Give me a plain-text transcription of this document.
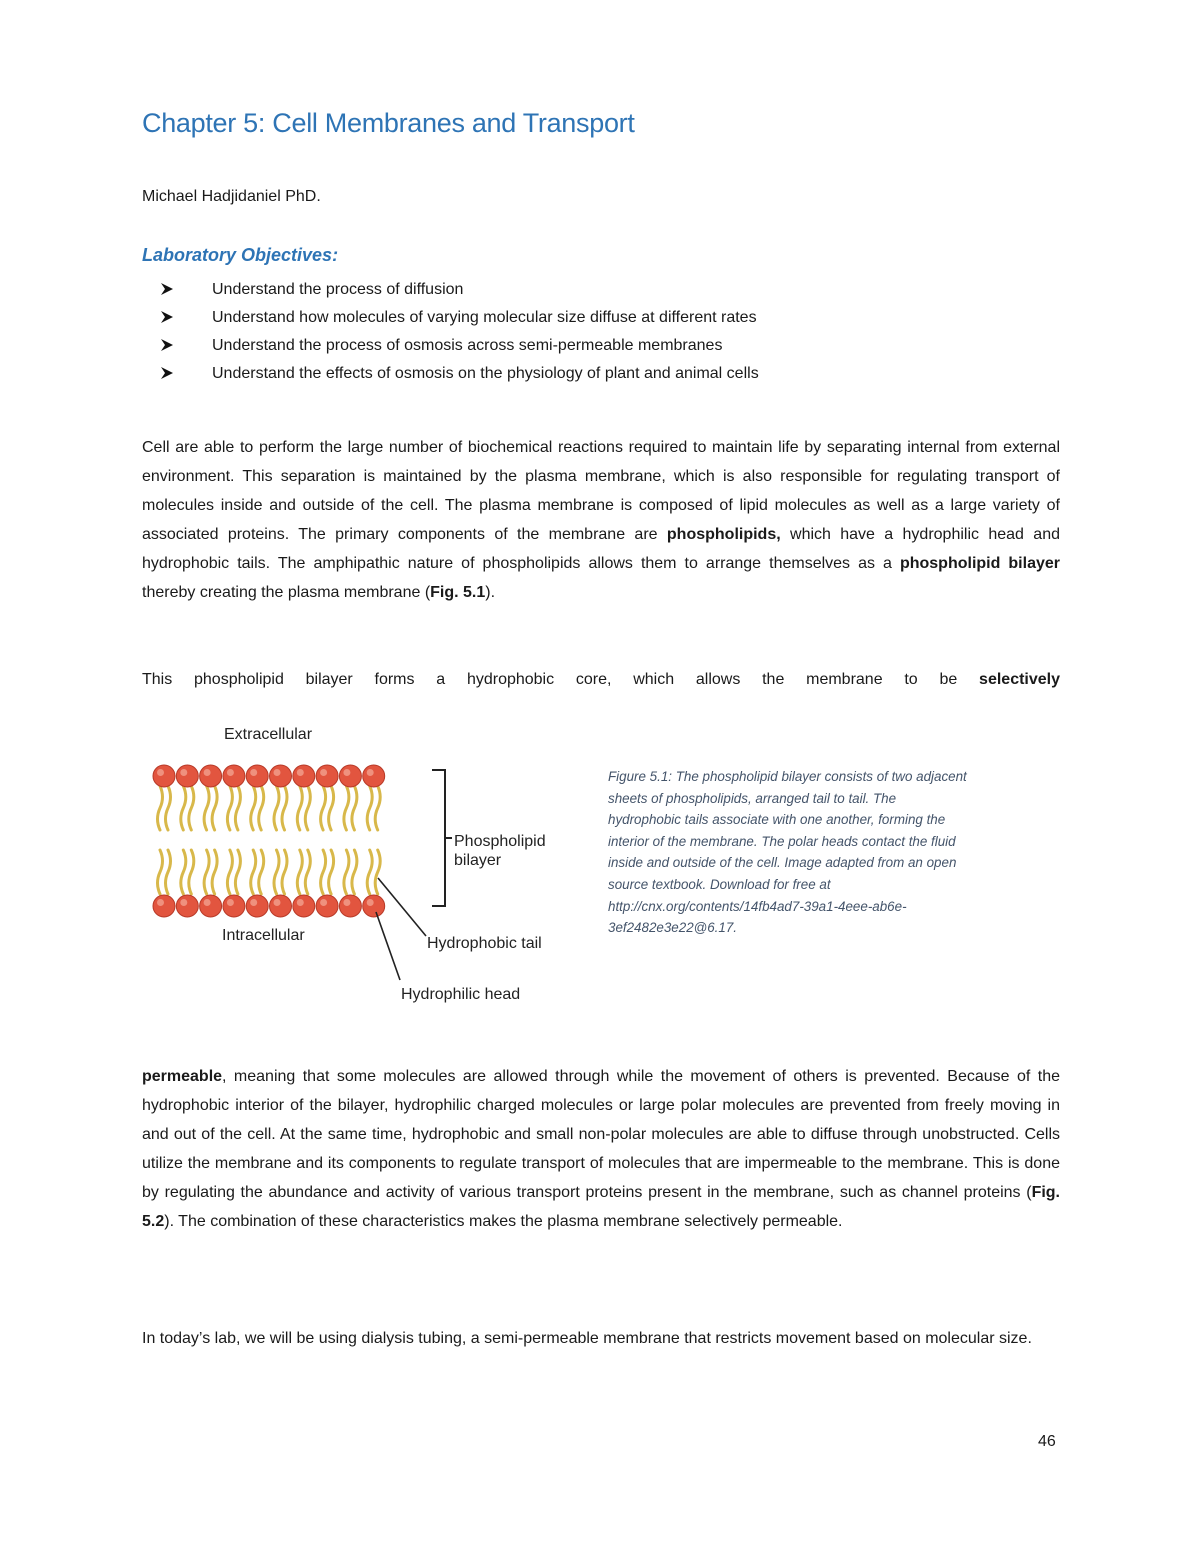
Chapter 5: Cell Membranes and Transport
Michael Hadjidaniel PhD.
Laboratory Objectives:
Understand the process of diffusion
Understand how molecules of varying molecular size diffuse at different rates
Understand the process of osmosis across semi-permeable membranes
Understand the effects of osmosis on the physiology of plant and animal cells

Cell are able to perform the large number of biochemical reactions required to maintain life by separating internal from external environment. This separation is maintained by the plasma membrane, which is also responsible for regulating transport of molecules inside and outside of the cell. The plasma membrane is composed of lipid molecules as well as a large variety of associated proteins. The primary components of the membrane are phospholipids, which have a hydrophilic head and hydrophobic tails. The amphipathic nature of phospholipids allows them to arrange themselves as a phospholipid bilayer thereby creating the plasma membrane (Fig. 5.1).

This phospholipid bilayer forms a hydrophobic core, which allows the membrane to be selectively

Extracellular
Intracellular
Phospholipid
bilayer
Hydrophobic tail
Hydrophilic head

Figure 5.1: The phospholipid bilayer consists of two adjacent
sheets of phospholipids, arranged tail to tail. The
hydrophobic tails associate with one another, forming the
interior of the membrane. The polar heads contact the fluid
inside and outside of the cell. Image adapted from an open
source textbook. Download for free at
http://cnx.org/contents/14fb4ad7-39a1-4eee-ab6e-
3ef2482e3e22@6.17.

permeable, meaning that some molecules are allowed through while the movement of others is prevented. Because of the hydrophobic interior of the bilayer, hydrophilic charged molecules or large polar molecules are prevented from freely moving in and out of the cell. At the same time, hydrophobic and small non-polar molecules are able to diffuse through unobstructed. Cells utilize the membrane and its components to regulate transport of molecules that are impermeable to the membrane. This is done by regulating the abundance and activity of various transport proteins present in the membrane, such as channel proteins (Fig. 5.2). The combination of these characteristics makes the plasma membrane selectively permeable.

In today’s lab, we will be using dialysis tubing, a semi-permeable membrane that restricts movement based on molecular size.

46
